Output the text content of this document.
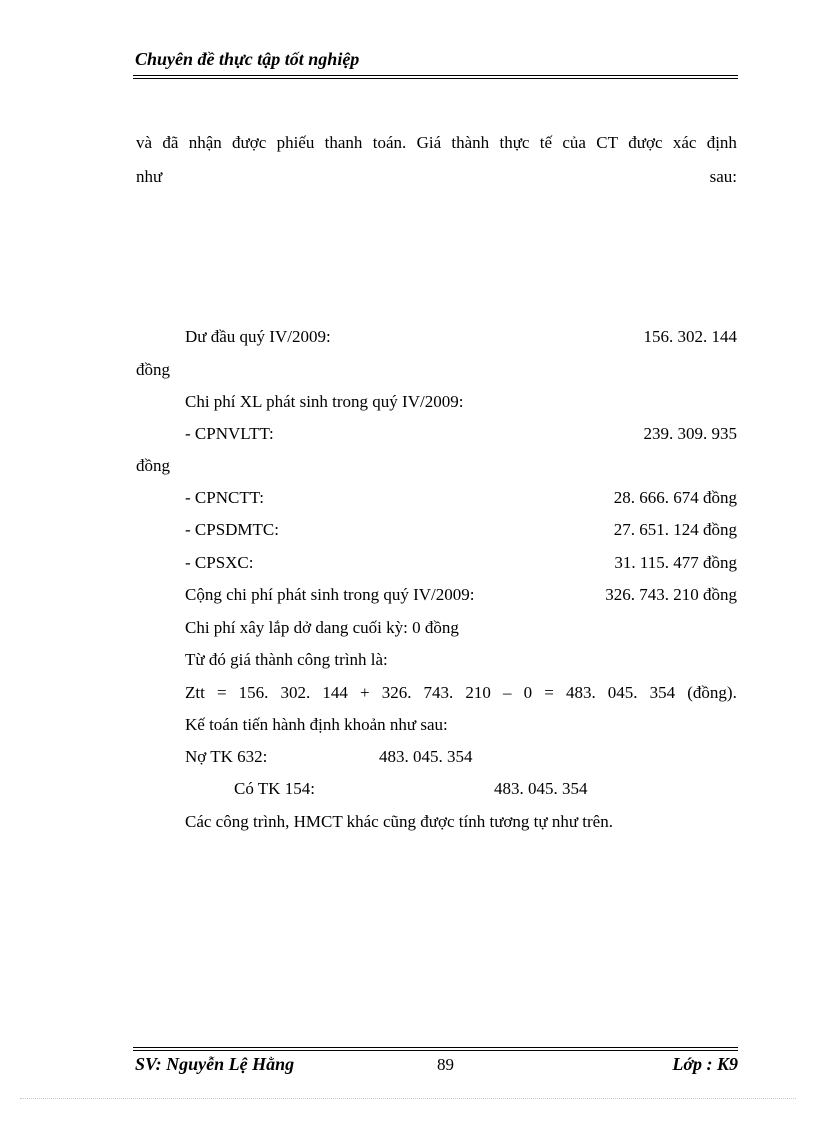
Chuyên đề thực tập tốt nghiệp
và đã nhận được phiếu thanh toán. Giá thành thực tế của CT được xác định
như	sau:
Dư đầu quý IV/2009:	156. 302. 144
đồng
Chi phí XL phát sinh trong quý IV/2009:
- CPNVLTT:	239. 309. 935
đồng
- CPNCTT:	28. 666. 674 đồng
- CPSDMTC:	27. 651. 124 đồng
- CPSXC:	31. 115. 477 đồng
Cộng chi phí phát sinh trong quý IV/2009:	326. 743. 210 đồng
Chi phí xây lắp dở dang cuối kỳ: 0 đồng
Từ đó giá thành công trình là:
Ztt = 156. 302. 144 + 326. 743. 210 – 0 = 483. 045. 354 (đồng).
Kế toán tiến hành định khoản như sau:
Nợ TK 632:	483. 045. 354
Có TK 154:	483. 045. 354
Các công trình, HMCT khác cũng được tính tương tự như trên.
SV: Nguyễn Lệ Hằng	89	Lớp : K9
